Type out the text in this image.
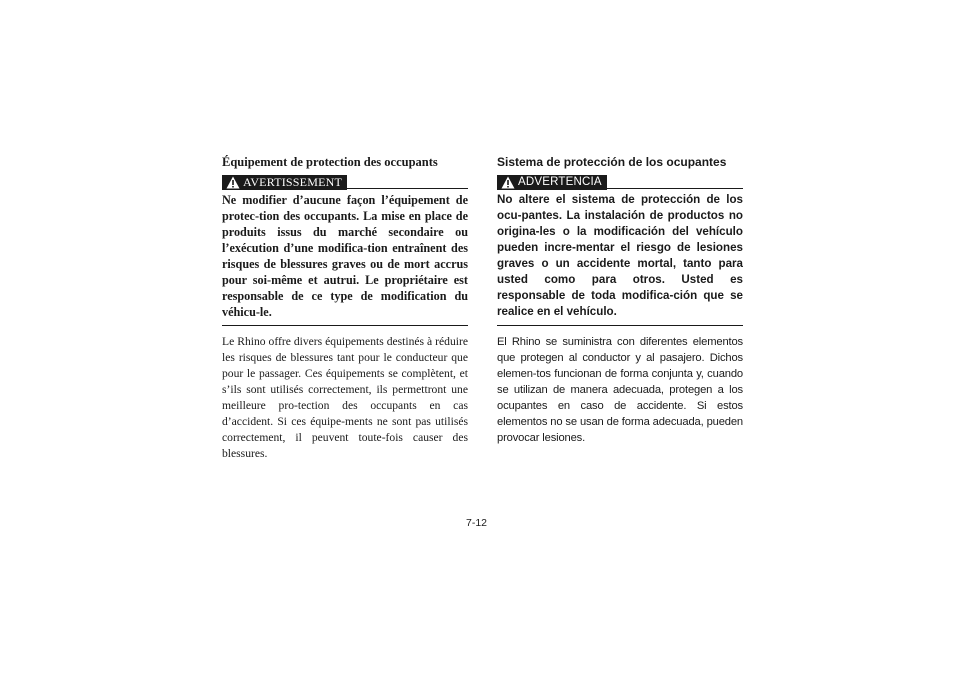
Équipement de protection des occupants
AVERTISSEMENT

Ne modifier d’aucune façon l’équipement de protec-tion des occupants. La mise en place de produits issus du marché secondaire ou l’exécution d’une modifica-tion entraînent des risques de blessures graves ou de mort accrus pour soi-même et autrui. Le propriétaire est responsable de ce type de modification du véhicu-le.

Le Rhino offre divers équipements destinés à réduire les risques de blessures tant pour le conducteur que pour le passager. Ces équipements se complètent, et s’ils sont utilisés correctement, ils permettront une meilleure pro-tection des occupants en cas d’accident. Si ces équipe-ments ne sont pas utilisés correctement, il peuvent toute-fois causer des blessures.

Sistema de protección de los ocupantes
ADVERTENCIA

No altere el sistema de protección de los ocu-pantes. La instalación de productos no origina-les o la modificación del vehículo pueden incre-mentar el riesgo de lesiones graves o un accidente mortal, tanto para usted como para otros. Usted es responsable de toda modifica-ción que se realice en el vehículo.

El Rhino se suministra con diferentes elementos que protegen al conductor y al pasajero. Dichos elemen-tos funcionan de forma conjunta y, cuando se utilizan de manera adecuada, protegen a los ocupantes en caso de accidente. Si estos elementos no se usan de forma adecuada, pueden provocar lesiones.

7-12
